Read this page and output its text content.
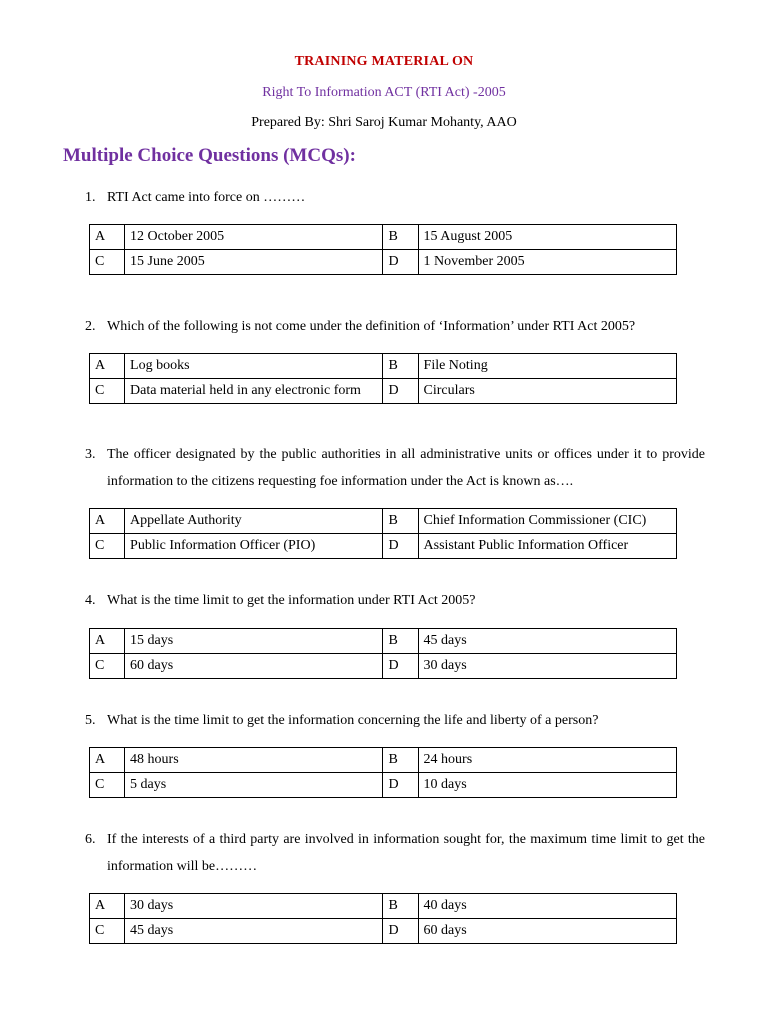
TRAINING MATERIAL ON
Right To Information ACT (RTI Act) -2005
Prepared By: Shri Saroj Kumar Mohanty, AAO
Multiple Choice Questions (MCQs):
1. RTI Act came into force on ………
A	12 October 2005	B	15 August 2005
C	15 June 2005	D	1 November 2005
2. Which of the following is not come under the definition of ‘Information’ under RTI Act 2005?
A	Log books	B	File Noting
C	Data material held in any electronic form	D	Circulars
3. The officer designated by the public authorities in all administrative units or offices under it to provide information to the citizens requesting foe information under the Act is known as….
A	Appellate Authority	B	Chief Information Commissioner (CIC)
C	Public Information Officer (PIO)	D	Assistant Public Information Officer
4. What is the time limit to get the information under RTI Act 2005?
A	15 days	B	45 days
C	60 days	D	30 days
5. What is the time limit to get the information concerning the life and liberty of a person?
A	48 hours	B	24 hours
C	5 days	D	10 days
6. If the interests of a third party are involved in information sought for, the maximum time limit to get the information will be………
A	30 days	B	40 days
C	45 days	D	60 days
